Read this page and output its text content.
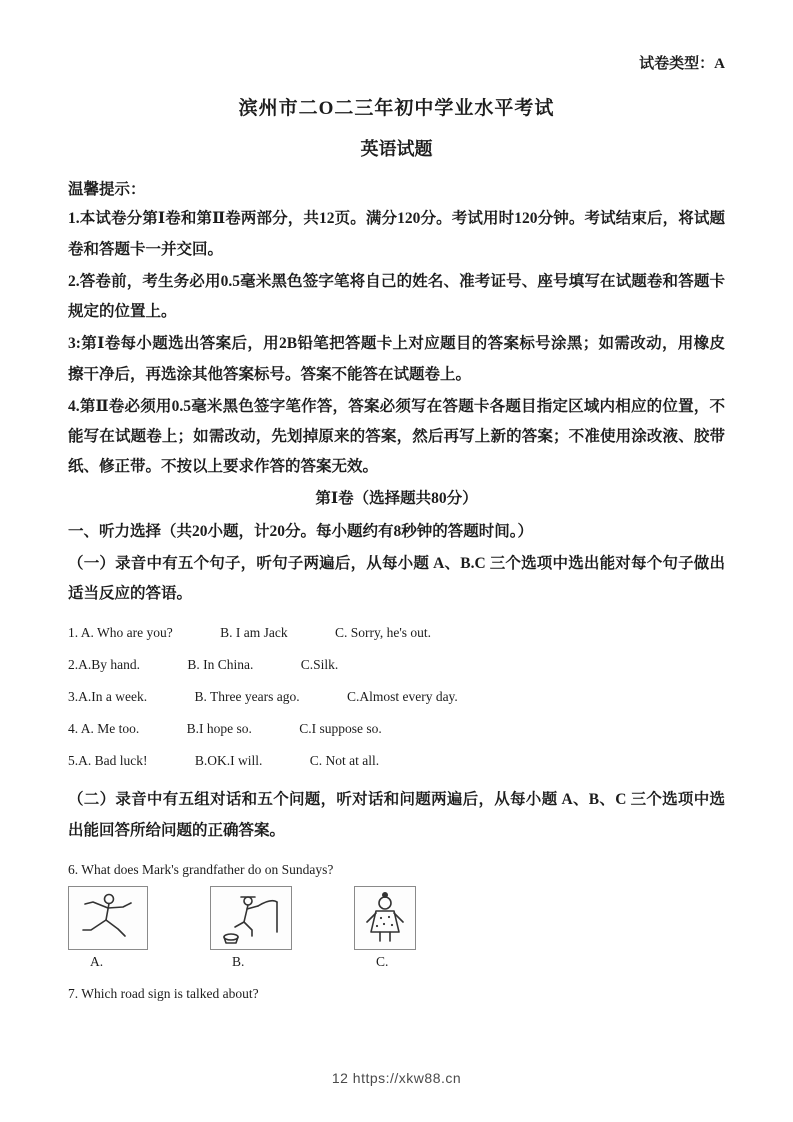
试卷类型：A
滨州市二O二三年初中学业水平考试
英语试题
温馨提示：

1.本试卷分第Ⅰ卷和第Ⅱ卷两部分，共12页。满分120分。考试用时120分钟。考试结束后，将试题卷和答题卡一并交回。

2.答卷前，考生务必用0.5毫米黑色签字笔将自己的姓名、准考证号、座号填写在试题卷和答题卡规定的位置上。

3:第Ⅰ卷每小题选出答案后，用2B铅笔把答题卡上对应题目的答案标号涂黑；如需改动，用橡皮擦干净后，再选涂其他答案标号。答案不能答在试题卷上。

4.第Ⅱ卷必须用0.5毫米黑色签字笔作答，答案必须写在答题卡各题目指定区域内相应的位置，不能写在试题卷上；如需改动，先划掉原来的答案，然后再写上新的答案；不准使用涂改液、胶带纸、修正带。不按以上要求作答的答案无效。

第Ⅰ卷（选择题共80分）

一、听力选择（共20小题，计20分。每小题约有8秒钟的答题时间。）

（一）录音中有五个句子，听句子两遍后，从每小题 A、B.C 三个选项中选出能对每个句子做出适当反应的答语。

1. A. Who are you?	B. I am Jack	C. Sorry, he's out.
2.A.By hand.	B. In China.	C.Silk.
3.A.In a week.	B. Three years ago.	C.Almost every day.
4. A. Me too.	B.I hope so.	C.I suppose so.
5.A. Bad luck!	B.OK.I will.	C. Not at all.

（二）录音中有五组对话和五个问题，听对话和问题两遍后，从每小题 A、B、C 三个选项中选出能回答所给问题的正确答案。

6. What does Mark's grandfather do on Sundays?
A.	B.	C.
7. Which road sign is talked about?
12 https://xkw88.cn
